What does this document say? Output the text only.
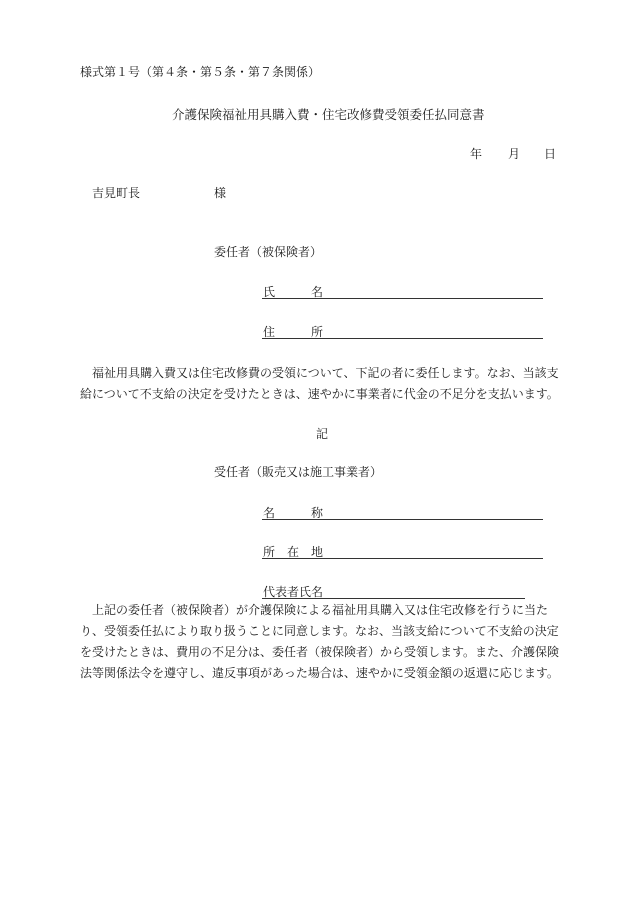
様式第１号（第４条・第５条・第７条関係）
介護保険福祉用具購入費・住宅改修費受領委任払同意書
年 月 日
吉見町長	様
委任者（被保険者）
氏　　　名
住　　　所
福祉用具購入費又は住宅改修費の受領について、下記の者に委任します。なお、当該支給について不支給の決定を受けたときは、速やかに事業者に代金の不足分を支払います。
記
受任者（販売又は施工事業者）
名　　　称
所　在　地
代表者氏名
上記の委任者（被保険者）が介護保険による福祉用具購入又は住宅改修を行うに当たり、受領委任払により取り扱うことに同意します。なお、当該支給について不支給の決定を受けたときは、費用の不足分は、委任者（被保険者）から受領します。また、介護保険法等関係法令を遵守し、違反事項があった場合は、速やかに受領金額の返還に応じます。
